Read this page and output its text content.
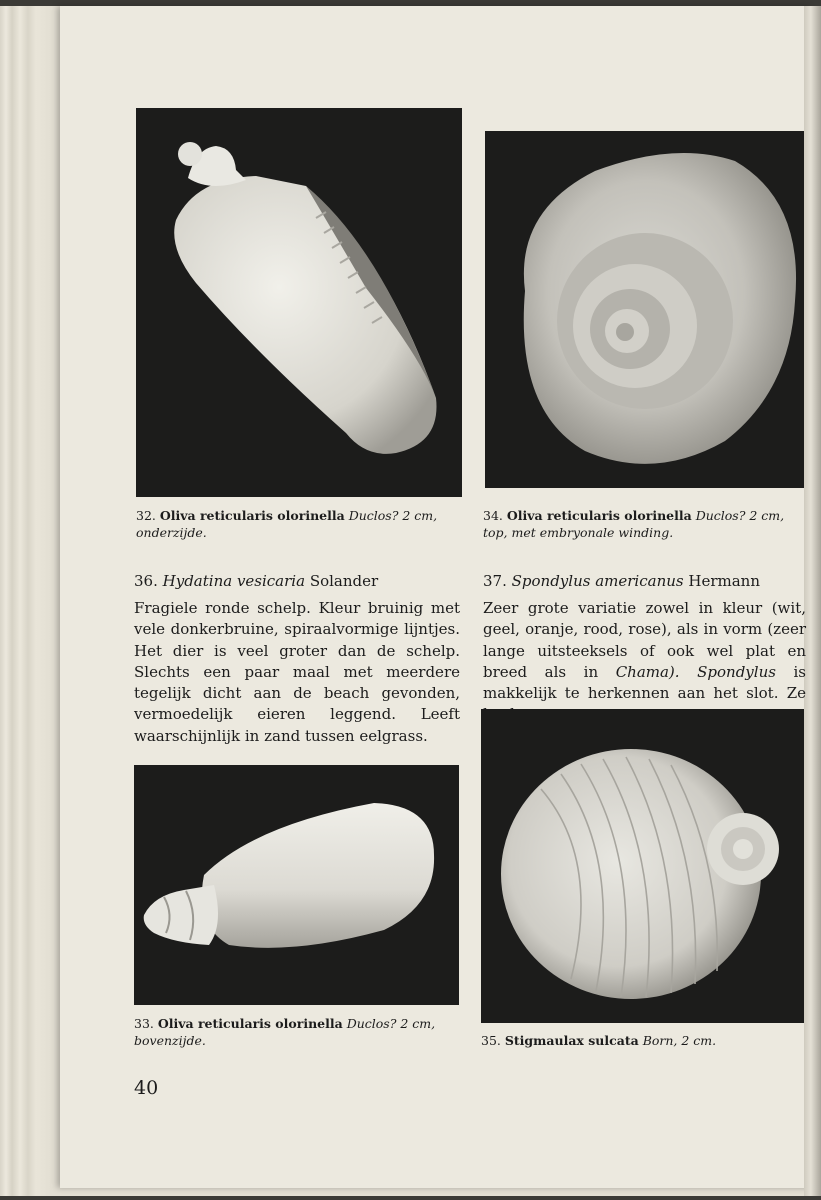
32. Oliva reticularis olorinella Duclos? 2 cm,
onderzijde.
34. Oliva reticularis olorinella Duclos? 2 cm,
top, met embryonale winding.
36. Hydatina vesicaria Solander
Fragiele ronde schelp. Kleur bruinig met vele donkerbruine, spiraalvormige lijntjes. Het dier is veel groter dan de schelp. Slechts een paar maal met meerdere tegelijk dicht aan de beach gevonden, vermoedelijk eieren leggend. Leeft waarschijnlijk in zand tussen eelgrass.
37. Spondylus americanus Hermann
Zeer grote variatie zowel in kleur (wit, geel, oranje, rood, rose), als in vorm (zeer lange uitsteeksels of ook wel plat en breed als in Chama). Spondylus is makkelijk te herkennen aan het slot. Ze
33. Oliva reticularis olorinella Duclos? 2 cm,
bovenzijde.	35. Stigmaulax sulcata Born, 2 cm.
40
